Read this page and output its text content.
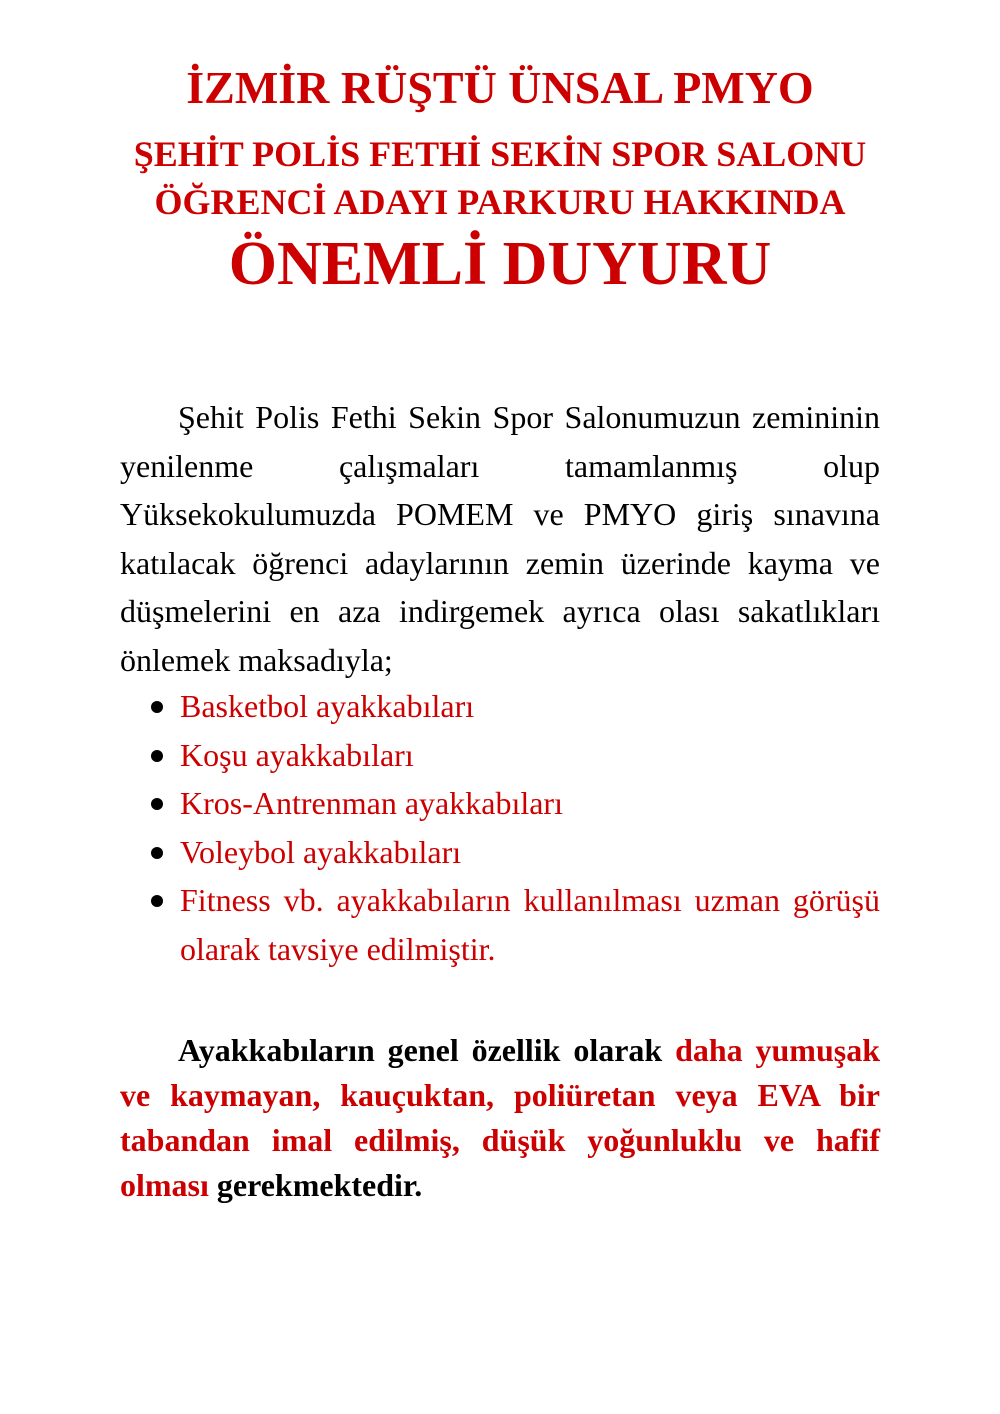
İZMİR RÜŞTÜ ÜNSAL PMYO

ŞEHİT POLİS FETHİ SEKİN SPOR SALONU

ÖĞRENCİ ADAYI PARKURU HAKKINDA

ÖNEMLİ DUYURU

Şehit Polis Fethi Sekin Spor Salonumuzun zemininin yenilenme çalışmaları tamamlanmış olup Yüksekokulumuzda POMEM ve PMYO giriş sınavına katılacak öğrenci adaylarının zemin üzerinde kayma ve düşmelerini en aza indirgemek ayrıca olası sakatlıkları önlemek maksadıyla;

Basketbol ayakkabıları
Koşu ayakkabıları
Kros-Antrenman ayakkabıları
Voleybol ayakkabıları
Fitness vb. ayakkabıların kullanılması uzman görüşü olarak tavsiye edilmiştir.

Ayakkabıların genel özellik olarak daha yumuşak ve kaymayan, kauçuktan, poliüretan veya EVA bir tabandan imal edilmiş, düşük yoğunluklu ve hafif olması gerekmektedir.
